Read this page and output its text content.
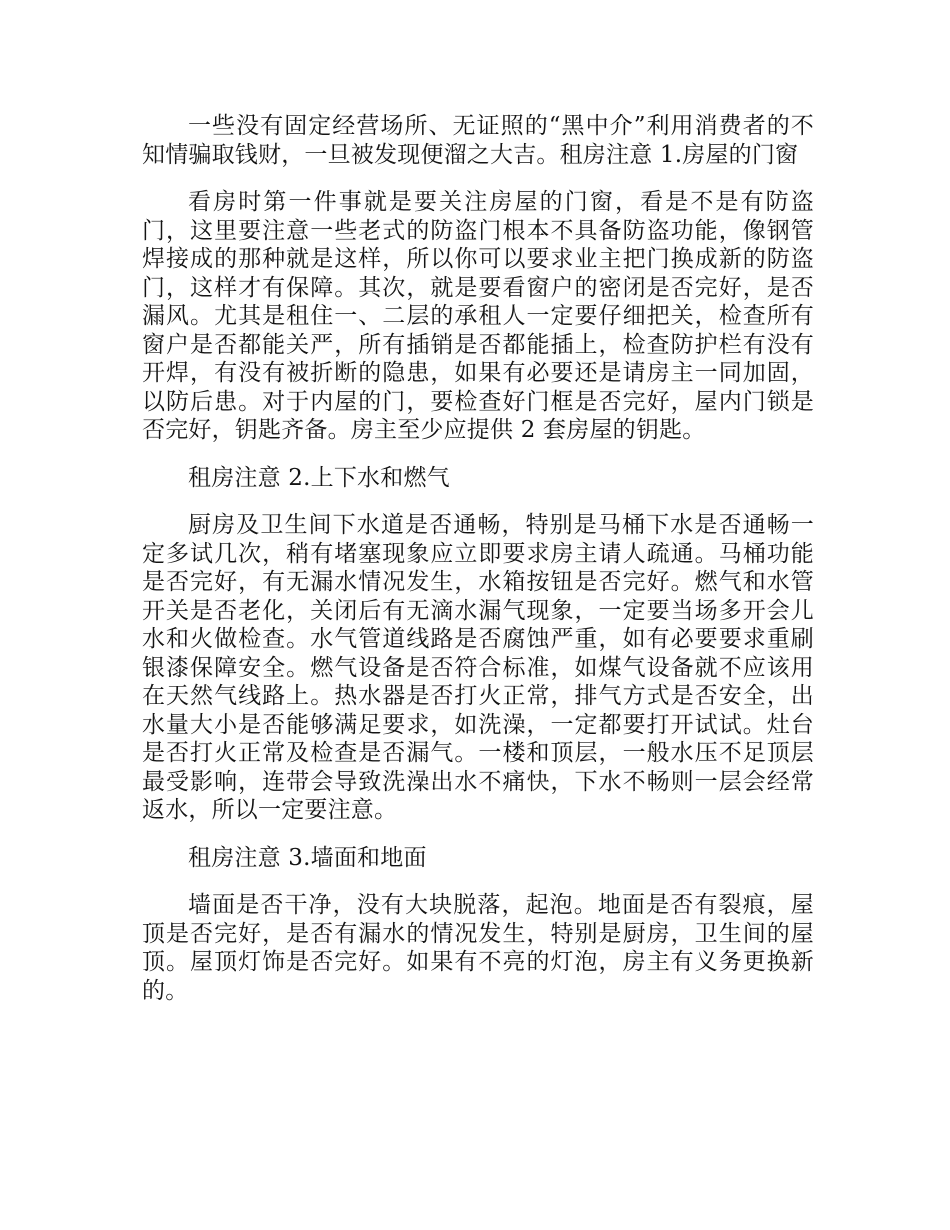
一些没有固定经营场所、无证照的“黑中介”利用消费者的不知情骗取钱财，一旦被发现便溜之大吉。租房注意 1.房屋的门窗

看房时第一件事就是要关注房屋的门窗，看是不是有防盗门，这里要注意一些老式的防盗门根本不具备防盗功能，像钢管焊接成的那种就是这样，所以你可以要求业主把门换成新的防盗门，这样才有保障。其次，就是要看窗户的密闭是否完好，是否漏风。尤其是租住一、二层的承租人一定要仔细把关，检查所有窗户是否都能关严，所有插销是否都能插上，检查防护栏有没有开焊，有没有被折断的隐患，如果有必要还是请房主一同加固，以防后患。对于内屋的门，要检查好门框是否完好，屋内门锁是否完好，钥匙齐备。房主至少应提供 2 套房屋的钥匙。

租房注意 2.上下水和燃气

厨房及卫生间下水道是否通畅，特别是马桶下水是否通畅一定多试几次，稍有堵塞现象应立即要求房主请人疏通。马桶功能是否完好，有无漏水情况发生，水箱按钮是否完好。燃气和水管开关是否老化，关闭后有无滴水漏气现象，一定要当场多开会儿水和火做检查。水气管道线路是否腐蚀严重，如有必要要求重刷银漆保障安全。燃气设备是否符合标准，如煤气设备就不应该用在天然气线路上。热水器是否打火正常，排气方式是否安全，出水量大小是否能够满足要求，如洗澡，一定都要打开试试。灶台是否打火正常及检查是否漏气。一楼和顶层，一般水压不足顶层最受影响，连带会导致洗澡出水不痛快，下水不畅则一层会经常返水，所以一定要注意。

租房注意 3.墙面和地面

墙面是否干净，没有大块脱落，起泡。地面是否有裂痕，屋顶是否完好，是否有漏水的情况发生，特别是厨房，卫生间的屋顶。屋顶灯饰是否完好。如果有不亮的灯泡，房主有义务更换新的。
